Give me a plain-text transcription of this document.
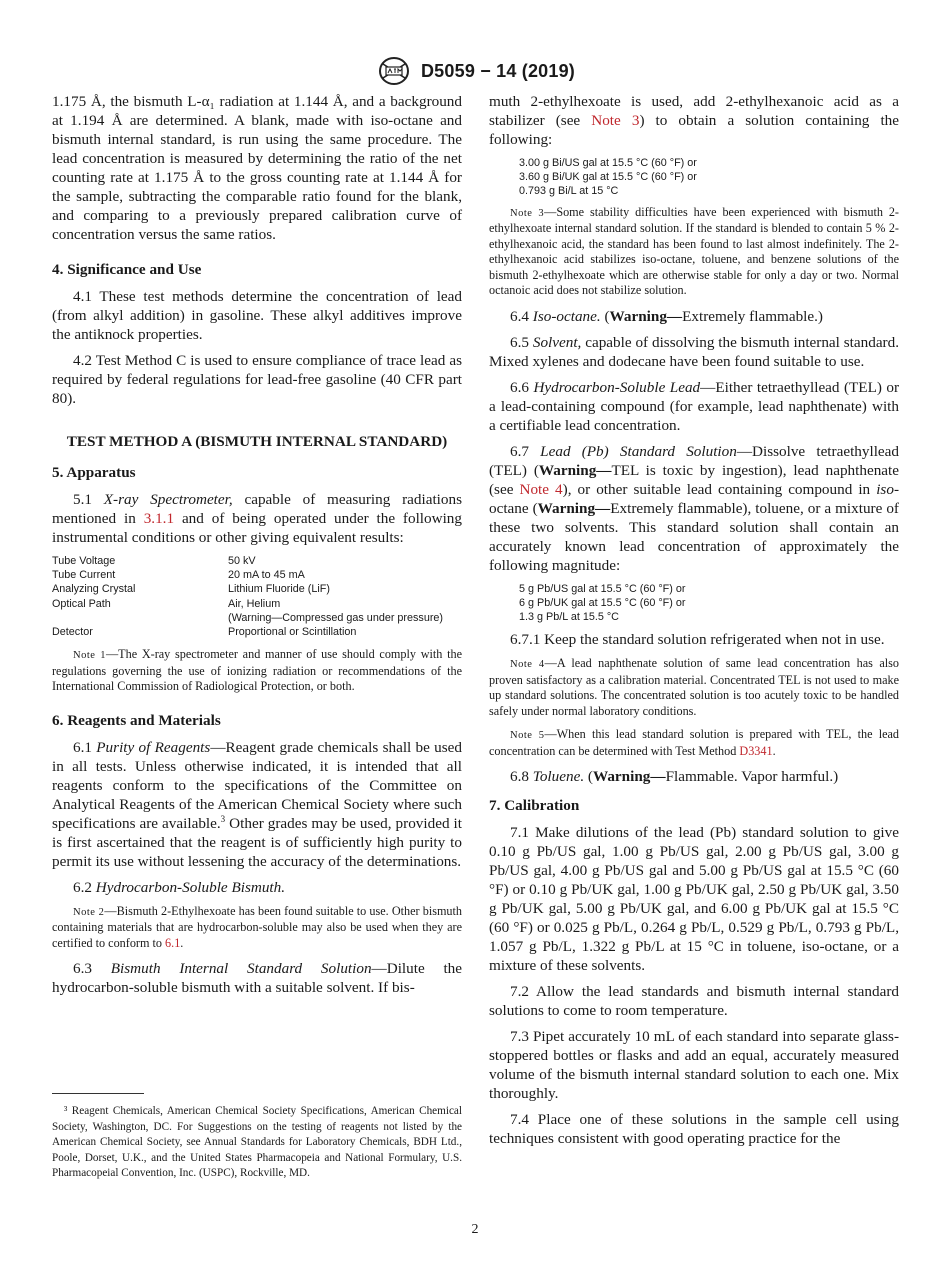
D5059 − 14 (2019)

1.175 Å, the bismuth L-α₁ radiation at 1.144 Å, and a background at 1.194 Å are determined. A blank, made with iso-octane and bismuth internal standard, is run using the same procedure. The lead concentration is measured by determining the ratio of the net counting rate at 1.175 Å to the gross counting rate at 1.144 Å for the sample, subtracting the comparable ratio found for the blank, and comparing to a previously prepared calibration curve of concentration versus the same ratios.

4. Significance and Use

4.1 These test methods determine the concentration of lead (from alkyl addition) in gasoline. These alkyl additives improve the antiknock properties.

4.2 Test Method C is used to ensure compliance of trace lead as required by federal regulations for lead-free gasoline (40 CFR part 80).

TEST METHOD A (BISMUTH INTERNAL STANDARD)
5. Apparatus

5.1 X-ray Spectrometer, capable of measuring radiations mentioned in 3.1.1 and of being operated under the following instrumental conditions or other giving equivalent results:

Tube Voltage	50 kV
Tube Current	20 mA to 45 mA
Analyzing Crystal	Lithium Fluoride (LiF)
Optical Path	Air, Helium
	(Warning—Compressed gas under pressure)
Detector	Proportional or Scintillation

Note 1—The X-ray spectrometer and manner of use should comply with the regulations governing the use of ionizing radiation or recommendations of the International Commission of Radiological Protection, or both.

6. Reagents and Materials

6.1 Purity of Reagents—Reagent grade chemicals shall be used in all tests. Unless otherwise indicated, it is intended that all reagents conform to the specifications of the Committee on Analytical Reagents of the American Chemical Society where such specifications are available.$^3$ Other grades may be used, provided it is first ascertained that the reagent is of sufficiently high purity to permit its use without lessening the accuracy of the determinations.

6.2 Hydrocarbon-Soluble Bismuth.

Note 2—Bismuth 2-Ethylhexoate has been found suitable to use. Other bismuth containing materials that are hydrocarbon-soluble may also be used when they are certified to conform to 6.1.

6.3 Bismuth Internal Standard Solution—Dilute the hydrocarbon-soluble bismuth with a suitable solvent. If bis-

³ Reagent Chemicals, American Chemical Society Specifications, American Chemical Society, Washington, DC. For Suggestions on the testing of reagents not listed by the American Chemical Society, see Annual Standards for Laboratory Chemicals, BDH Ltd., Poole, Dorset, U.K., and the United States Pharmacopeia and National Formulary, U.S. Pharmacopeial Convention, Inc. (USPC), Rockville, MD.

muth 2-ethylhexoate is used, add 2-ethylhexanoic acid as a stabilizer (see Note 3) to obtain a solution containing the following:

3.00 g Bi/US gal at 15.5 °C (60 °F) or
3.60 g Bi/UK gal at 15.5 °C (60 °F) or
0.793 g Bi/L at 15 °C

Note 3—Some stability difficulties have been experienced with bismuth 2-ethylhexoate internal standard solution. If the standard is blended to contain 5 % 2-ethylhexanoic acid, the standard has been found to last almost indefinitely. The 2-ethylhexanoic acid stabilizes iso-octane, toluene, and benzene solutions of the bismuth 2-ethylhexoate which are otherwise stable for only a day or two. Normal octanoic acid does not stabilize solution.

6.4 Iso-octane. (Warning—Extremely flammable.)

6.5 Solvent, capable of dissolving the bismuth internal standard. Mixed xylenes and dodecane have been found suitable to use.

6.6 Hydrocarbon-Soluble Lead—Either tetraethyllead (TEL) or a lead-containing compound (for example, lead naphthenate) with a certifiable lead concentration.

6.7 Lead (Pb) Standard Solution—Dissolve tetraethyllead (TEL) (Warning—TEL is toxic by ingestion), lead naphthenate (see Note 4), or other suitable lead containing compound in iso-octane (Warning—Extremely flammable), toluene, or a mixture of these two solvents. This standard solution shall contain an accurately known lead concentration of approximately the following magnitude:

5 g Pb/US gal at 15.5 °C (60 °F) or
6 g Pb/UK gal at 15.5 °C (60 °F) or
1.3 g Pb/L at 15.5 °C

6.7.1 Keep the standard solution refrigerated when not in use.

Note 4—A lead naphthenate solution of same lead concentration has also proven satisfactory as a calibration material. Concentrated TEL is not used to make up standard solutions. The concentrated solution is too acutely toxic to be handled safely under normal laboratory conditions.

Note 5—When this lead standard solution is prepared with TEL, the lead concentration can be determined with Test Method D3341.

6.8 Toluene. (Warning—Flammable. Vapor harmful.)

7. Calibration

7.1 Make dilutions of the lead (Pb) standard solution to give 0.10 g Pb/US gal, 1.00 g Pb/US gal, 2.00 g Pb/US gal, 3.00 g Pb/US gal, 4.00 g Pb/US gal and 5.00 g Pb/US gal at 15.5 °C (60 °F) or 0.10 g Pb/UK gal, 1.00 g Pb/UK gal, 2.50 g Pb/UK gal, 3.50 g Pb/UK gal, 5.00 g Pb/UK gal, and 6.00 g Pb/UK gal at 15.5 °C (60 °F) or 0.025 g Pb/L, 0.264 g Pb/L, 0.529 g Pb/L, 0.793 g Pb/L, 1.057 g Pb/L, 1.322 g Pb/L at 15 °C in toluene, iso-octane, or a mixture of these solvents.

7.2 Allow the lead standards and bismuth internal standard solutions to come to room temperature.

7.3 Pipet accurately 10 mL of each standard into separate glass-stoppered bottles or flasks and add an equal, accurately measured volume of the bismuth internal standard solution to each one. Mix thoroughly.

7.4 Place one of these solutions in the sample cell using techniques consistent with good operating practice for the

2
